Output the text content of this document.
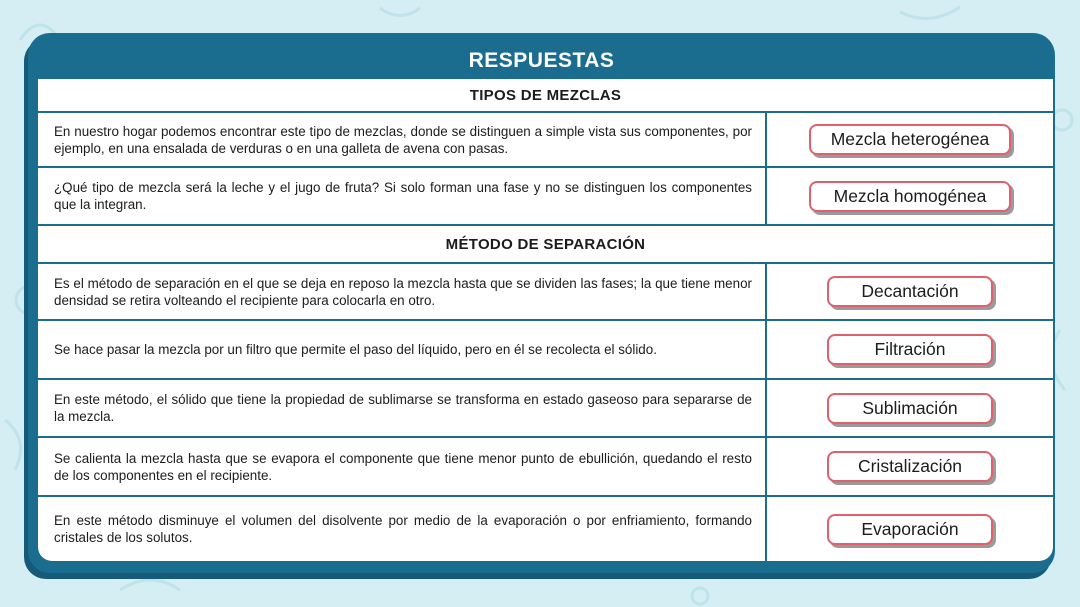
RESPUESTAS
TIPOS DE MEZCLAS
En nuestro hogar podemos encontrar este tipo de mezclas, donde se distinguen a simple vista sus componentes, por ejemplo, en una ensalada de verduras o en una galleta de avena con pasas.	Mezcla heterogénea
¿Qué tipo de mezcla será la leche y el jugo de fruta? Si solo forman una fase y no se distinguen los componentes que la integran.	Mezcla homogénea
MÉTODO DE SEPARACIÓN
Es el método de separación en el que se deja en reposo la mezcla hasta que se dividen las fases; la que tiene menor densidad se retira volteando el recipiente para colocarla en otro.	Decantación
Se hace pasar la mezcla por un filtro que permite el paso del líquido, pero en él se recolecta el sólido.	Filtración
En este método, el sólido que tiene la propiedad de sublimarse se transforma en estado gaseoso para separarse de la mezcla.	Sublimación
Se calienta la mezcla hasta que se evapora el componente que tiene menor punto de ebullición, quedando el resto de los componentes en el recipiente.	Cristalización
En este método disminuye el volumen del disolvente por medio de la evaporación o por enfriamiento, formando cristales de los solutos.	Evaporación
